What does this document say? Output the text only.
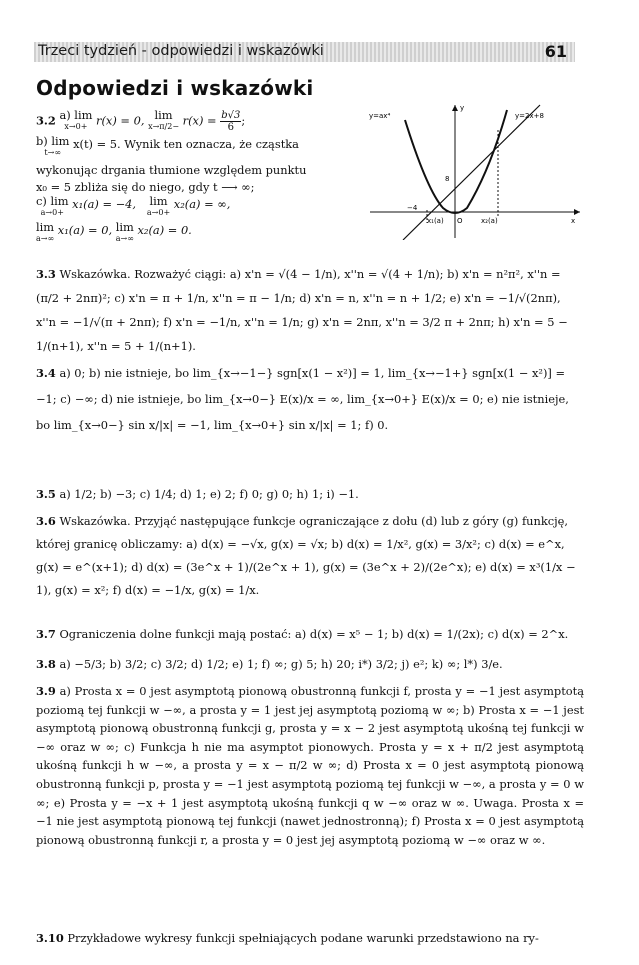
Trzeci tydzień - odpowiedzi i wskazówki	61
Odpowiedzi i wskazówki
3.2 a) lim
x→0+ r(x) = 0, lim
$x\to\pi/2- r(x) = \frac{b√3}{6}$ ;
b) lim
t→∞
x(t) = 5. Wynik ten oznacza, że cząstka
wykonując drgania tłumione względem punktu
x₀ = 5 zbliża się do niego, gdy t ⟶ ∞;
c) lim
a→0+
x₁(a) = −4, lim
a→0+
x₂(a) = ∞,
lim
a→∞
x₁(a) = 0, lim
a→∞
x₂(a) = 0.
y=ax⁴	y=2x+8
y
x
8
−4
x₁(a) O	x₂(a)
3.3 Wskazówka. Rozważyć ciągi: a) x'n = √(4 − 1/n), x''n = √(4 + 1/n); b) x'n = n²π², x''n = (π/2 + 2nπ)²; c) x'n = π + 1/n, x''n = π − 1/n; d) x'n = n, x''n = n + 1/2; e) x'n = −1/√(2nπ), x''n = −1/√(π + 2nπ); f) x'n = −1/n, x''n = 1/n; g) x'n = 2nπ, x''n = 3/2 π + 2nπ; h) x'n = 5 − 1/(n+1), x''n = 5 + 1/(n+1).
3.4 a) 0; b) nie istnieje, bo lim_{x→−1−} sgn[x(1 − x²)] = 1, lim_{x→−1+} sgn[x(1 − x²)] = −1; c) −∞; d) nie istnieje, bo lim_{x→0−} E(x)/x = ∞, lim_{x→0+} E(x)/x = 0; e) nie istnieje, bo lim_{x→0−} sin x/|x| = −1, lim_{x→0+} sin x/|x| = 1; f) 0.
3.5 a) 1/2; b) −3; c) 1/4; d) 1; e) 2; f) 0; g) 0; h) 1; i) −1.
3.6 Wskazówka. Przyjąć następujące funkcje ograniczające z dołu (d) lub z góry (g) funkcję, której granicę obliczamy: a) d(x) = −√x, g(x) = √x; b) d(x) = 1/x², g(x) = 3/x²; c) d(x) = e^x, g(x) = e^(x+1); d) d(x) = (3e^x + 1)/(2e^x + 1), g(x) = (3e^x + 2)/(2e^x); e) d(x) = x³(1/x − 1), g(x) = x²; f) d(x) = −1/x, g(x) = 1/x.
3.7 Ograniczenia dolne funkcji mają postać: a) d(x) = x⁵ − 1; b) d(x) = 1/(2x); c) d(x) = 2^x.
3.8 a) −5/3; b) 3/2; c) 3/2; d) 1/2; e) 1; f) ∞; g) 5; h) 20; i*) 3/2; j) e²; k) ∞; l*) 3/e.
3.9 a) Prosta x = 0 jest asymptotą pionową obustronną funkcji f, prosta y = −1 jest asymptotą poziomą tej funkcji w −∞, a prosta y = 1 jest jej asymptotą poziomą w ∞; b) Prosta x = −1 jest asymptotą pionową obustronną funkcji g, prosta y = x − 2 jest asymptotą ukośną tej funkcji w −∞ oraz w ∞; c) Funkcja h nie ma asymptot pionowych. Prosta y = x + π/2 jest asymptotą ukośną funkcji h w −∞, a prosta y = x − π/2 w ∞; d) Prosta x = 0 jest asymptotą pionową obustronną funkcji p, prosta y = −1 jest asymptotą poziomą tej funkcji w −∞, a prosta y = 0 w ∞; e) Prosta y = −x + 1 jest asymptotą ukośną funkcji q w −∞ oraz w ∞. Uwaga. Prosta x = −1 nie jest asymptotą pionową tej funkcji (nawet jednostronną); f) Prosta x = 0 jest asymptotą pionową obustronną funkcji r, a prosta y = 0 jest jej asymptotą poziomą w −∞ oraz w ∞.
3.10 Przykładowe wykresy funkcji spełniających podane warunki przedstawiono na ry-
